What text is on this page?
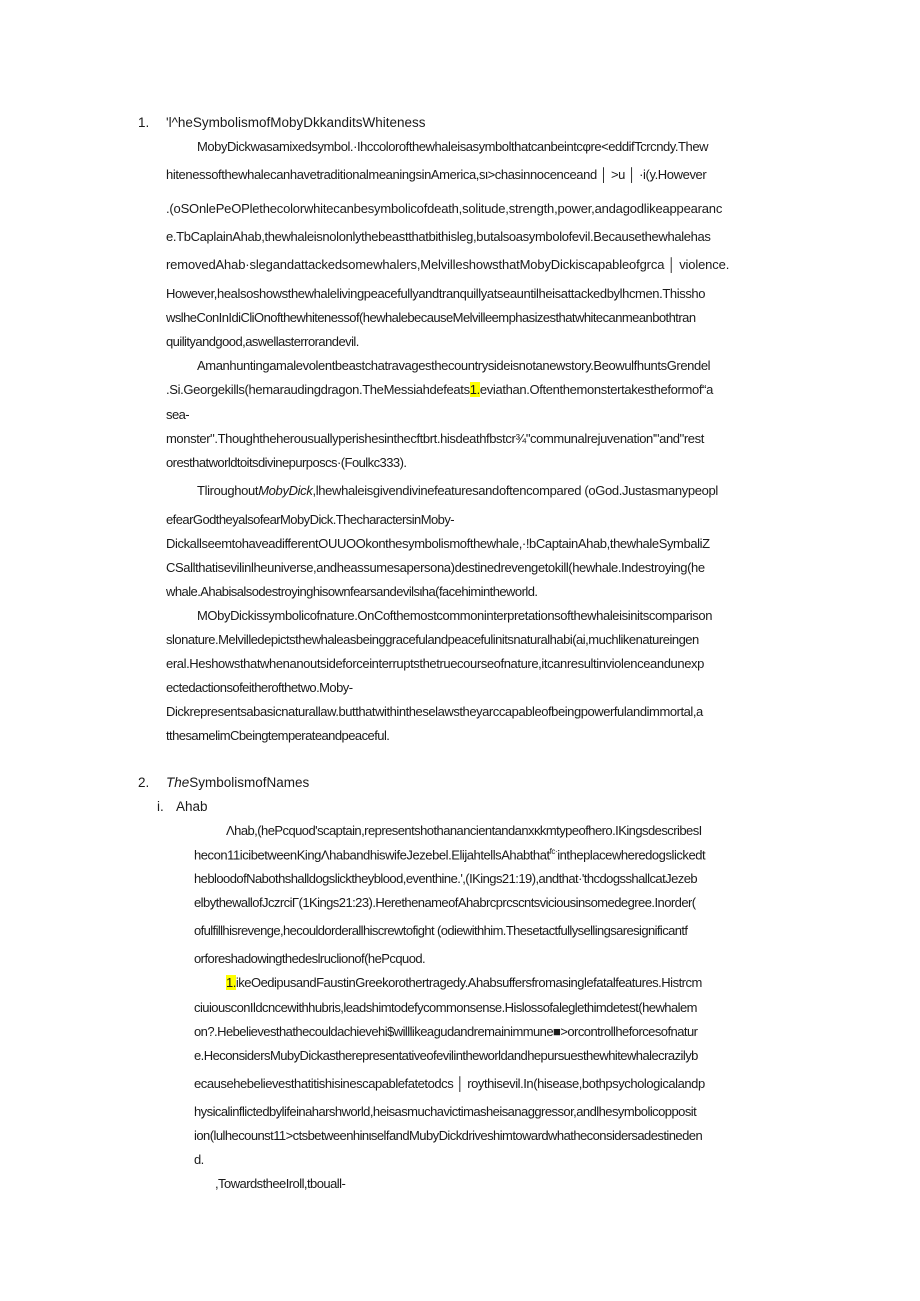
1. 'l^heSymbolismofMobyDkkanditsWhiteness
MobyDickwasamixedsymbol.·Ihccolorofthewhaleisasymbolthatcanbeintcφre<eddifTcrcndy.Thew
hitenessofthewhalecanhavetraditionalmeaningsinAmerica,sι>chasinnocenceand │ >u │ ·i(y.However
.(oSOnlePeOPlethecolorwhitecanbesymbolicofdeath,solitude,strength,power,andagodlikeappearanc
e.TbCaplainAhab,thewhaleisnolonlythebeastthatbithisleg,butalsoasymbolofevil.Becausethewhalehas
removedAhab·slegandattackedsomewhalers,MelvilleshowsthatMobyDickiscapableofgrca │ violence.
However,healsoshowsthewhalelivingpeacefullyandtranquillyatseauntilheisattackedbylhcmen.Thissho
wslheConInIdiCliOnofthewhitenessof(hewhalebecauseMelvilleemphasizesthatwhitecanmeanbothtran
quilityandgood,aswellasterrorandevil.
Amanhuntingamalevolentbeastchatravagesthecountrysideisnotanewstory.BeowulfhuntsGrendel
.Si.Georgekills(hemaraudingdragon.TheMessiahdefeats1.eviathan.Oftenthemonstertakestheformof“a
sea-
monster".Thoughtheherousuallyperishesinthecftbrt.hisdeathfbstcr¾"communalrejuvenation'"and"rest
oresthatworldtoitsdivinepurposcs·(Foulkc333).
TliroughoutMobyDick,lhewhaleisgivendivinefeaturesandoftencompared (oGod.Justasmanypeopl
efearGodtheyalsofearMobyDick.ThecharactersinMoby-
DickallseemtohaveadifferentOUUOOkonthesymbolismofthewhale,·!bCaptainAhab,thewhaleSymbaliZ
CSallthatisevilinlheuniverse,andheassumesapersona)destinedrevengetokill(hewhale.Indestroying(he
whale.Ahabisalsodestroyinghisownfearsandevilsιha(facehimintheworld.
MObyDickissymbolicofnature.OnCofthemostcommoninterpretationsofthewhaleisinitscomparison
slonature.Melvilledepictsthewhaleasbeinggracefulandpeacefulinitsnaturalhabi(ai,muchlikenatureingen
eral.Heshowsthatwhenanoutsideforceinterruptsthetruecourseofnature,itcanresultinviolenceandunexp
ectedactionsofeitherofthetwo.Moby-
Dickrepresentsabasicnaturallaw.butthatwithintheselawstheyarccapableofbeingpowerfulandimmortal,a
tthesamelimCbeingtemperateandpeaceful.
2. TheSymbolismofNames
i. Ahab
Λhab,(hePcquod'scaptain,representshothanancientandanxκkmtypeofhero.IKingsdescribesI
hecon11icibetweenKingΛhabandhiswifeJezebel.ElijahtellsAhabthat$^{fc\cdot}$intheplacewheredogslickedt
hebloodofNabothshalldogslicktheyblood,eventhine.',(IKings21:19),andthat·'thcdogsshallcatJezeb
elbythewallofJczrciΓ(1Kings21:23).HerethenameofAhabrcprcscntsviciousinsomedegree.Inorder(
ofulfillhisrevenge,hecouldorderallhiscrewtofight (odiewithhim.Thesetactfullysellingsaresignificantf
orforeshadowingthedeslruclionof(hePcquod.
1.ikeOedipusandFaustinGreekorothertragedy.Ahabsuffersfromasinglefatalfeatures.Histrcm
ciuiousconIldcncewithhubris,leadshimtodefycommonsense.Hislossofaleglethimdetest(hewhalem
on?.Hebelievesthathecouldachievehi$willlikeagudandremainimmune■>orcontrollheforcesofnatur
e.HeconsidersMubyDickastherepresentativeofevilintheworldandhepursuesthewhitewhalecrazilyb
ecausehebelievesthatitishisinescapablefatetodcs │ roythisevil.In(hisease,bothpsychologicalandp
hysicalinflictedbylifeinaharshworld,heisasmuchavictimasheisanaggressor,andlhesymbolicopposit
ion(lulhecounst11>ctsbetweenhinιselfandMubyDickdriveshimtowardwhatheconsidersadestineden
d.
,TowardstheeIroll,tbouall-
